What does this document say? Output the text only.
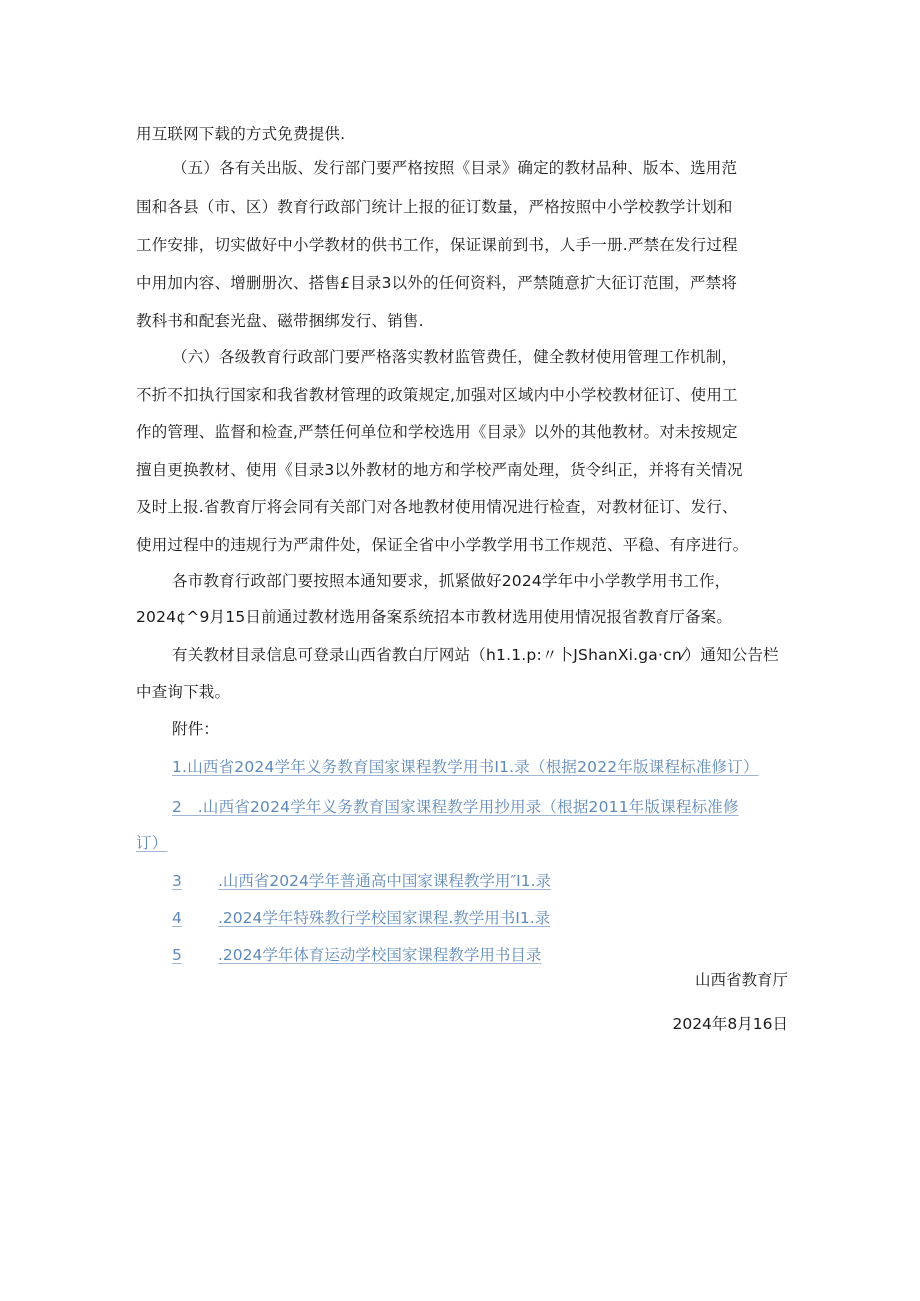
用互联网下载的方式免费提供.
（五）各有关出版、发行部门要严格按照《目录》确定的教材品种、版本、选用范
围和各县（市、区）教育行政部门统计上报的征订数量，严格按照中小学校教学计划和
工作安排，切实做好中小学教材的供书工作，保证课前到书，人手一册.严禁在发行过程
中用加内容、增删册次、搭售£目录3以外的任何资料，严禁随意扩大征订范围，严禁将
教科书和配套光盘、磁带捆绑发行、销售.
（六）各级教育行政部门要严格落实教材监管费任，健全教材使用管理工作机制，
不折不扣执行国家和我省教材管理的政策规定,加强对区域内中小学校教材征订、使用工
作的管理、监督和检查,严禁任何单位和学校选用《目录》以外的其他教材。对未按规定
擅自更换教材、使用《目录3以外教材的地方和学校严南处理，货令纠正，并将有关情况
及时上报.省教育厅将会同有关部门对各地教材使用情况进行检查，对教材征订、发行、
使用过程中的违规行为严肃件处，保证全省中小学教学用书工作规范、平稳、有序进行。
各市教育行政部门要按照本通知要求，抓紧做好2024学年中小学教学用书工作，
2024¢^9月15日前通过教材选用备案系统招本市教材选用使用情况报省教育厅备案。
有关教材目录信息可登录山西省教白厅网站（h1.1.p:〃卜JShanXi.ga·cn⁄）通知公告栏
中查询下栽。
附件：
1.山西省2024学年义务教育国家课程教学用书I1.录（根据2022年版课程标准修订）
2　.山西省2024学年义务教育国家课程教学用抄用录（根据2011年版课程标准修
订）
3 .山西省2024学年普通高中国家课程教学用″I1.录
4 .2024学年特殊教行学校国家课程.教学用书I1.录
5 .2024学年体育运动学校国家课程教学用书目录
山西省教育厅
2024年8月16日
